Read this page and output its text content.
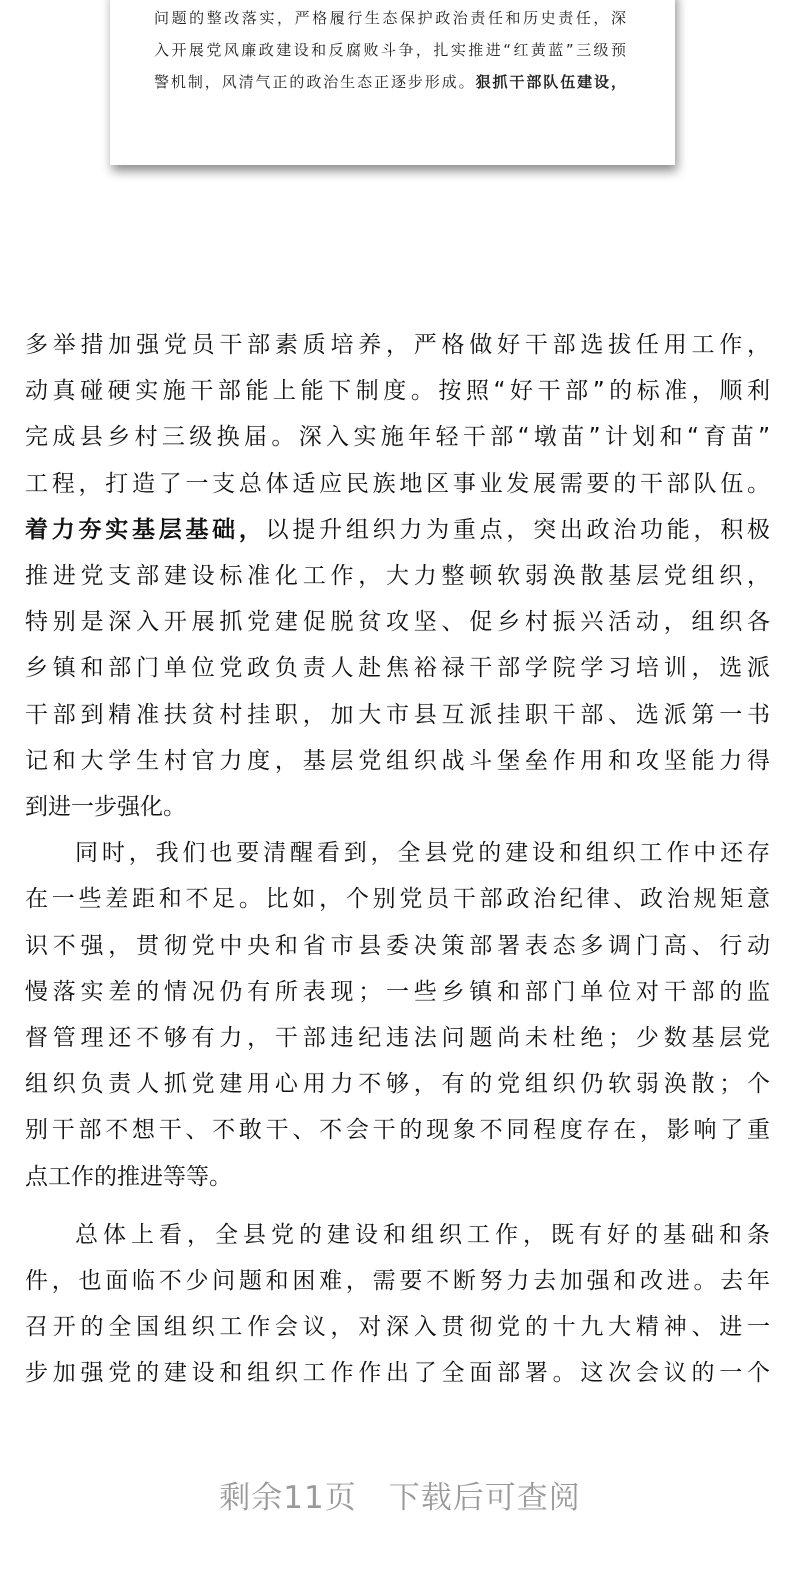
问题的整改落实，严格履行生态保护政治责任和历史责任，深
入开展党风廉政建设和反腐败斗争，扎实推进“红黄蓝”三级预
警机制，风清气正的政治生态正逐步形成。狠抓干部队伍建设，
多举措加强党员干部素质培养，严格做好干部选拔任用工作，
动真碰硬实施干部能上能下制度。按照“好干部”的标准，顺利
完成县乡村三级换届。深入实施年轻干部“墩苗”计划和“育苗”
工程，打造了一支总体适应民族地区事业发展需要的干部队伍。
着力夯实基层基础，以提升组织力为重点，突出政治功能，积极
推进党支部建设标准化工作，大力整顿软弱涣散基层党组织，
特别是深入开展抓党建促脱贫攻坚、促乡村振兴活动，组织各
乡镇和部门单位党政负责人赴焦裕禄干部学院学习培训，选派
干部到精准扶贫村挂职，加大市县互派挂职干部、选派第一书
记和大学生村官力度，基层党组织战斗堡垒作用和攻坚能力得
到进一步强化。
同时，我们也要清醒看到，全县党的建设和组织工作中还存
在一些差距和不足。比如，个别党员干部政治纪律、政治规矩意
识不强，贯彻党中央和省市县委决策部署表态多调门高、行动
慢落实差的情况仍有所表现；一些乡镇和部门单位对干部的监
督管理还不够有力，干部违纪违法问题尚未杜绝；少数基层党
组织负责人抓党建用心用力不够，有的党组织仍软弱涣散；个
别干部不想干、不敢干、不会干的现象不同程度存在，影响了重
点工作的推进等等。
总体上看，全县党的建设和组织工作，既有好的基础和条
件，也面临不少问题和困难，需要不断努力去加强和改进。去年
召开的全国组织工作会议，对深入贯彻党的十九大精神、进一
步加强党的建设和组织工作作出了全面部署。这次会议的一个
剩余11页　下载后可查阅
